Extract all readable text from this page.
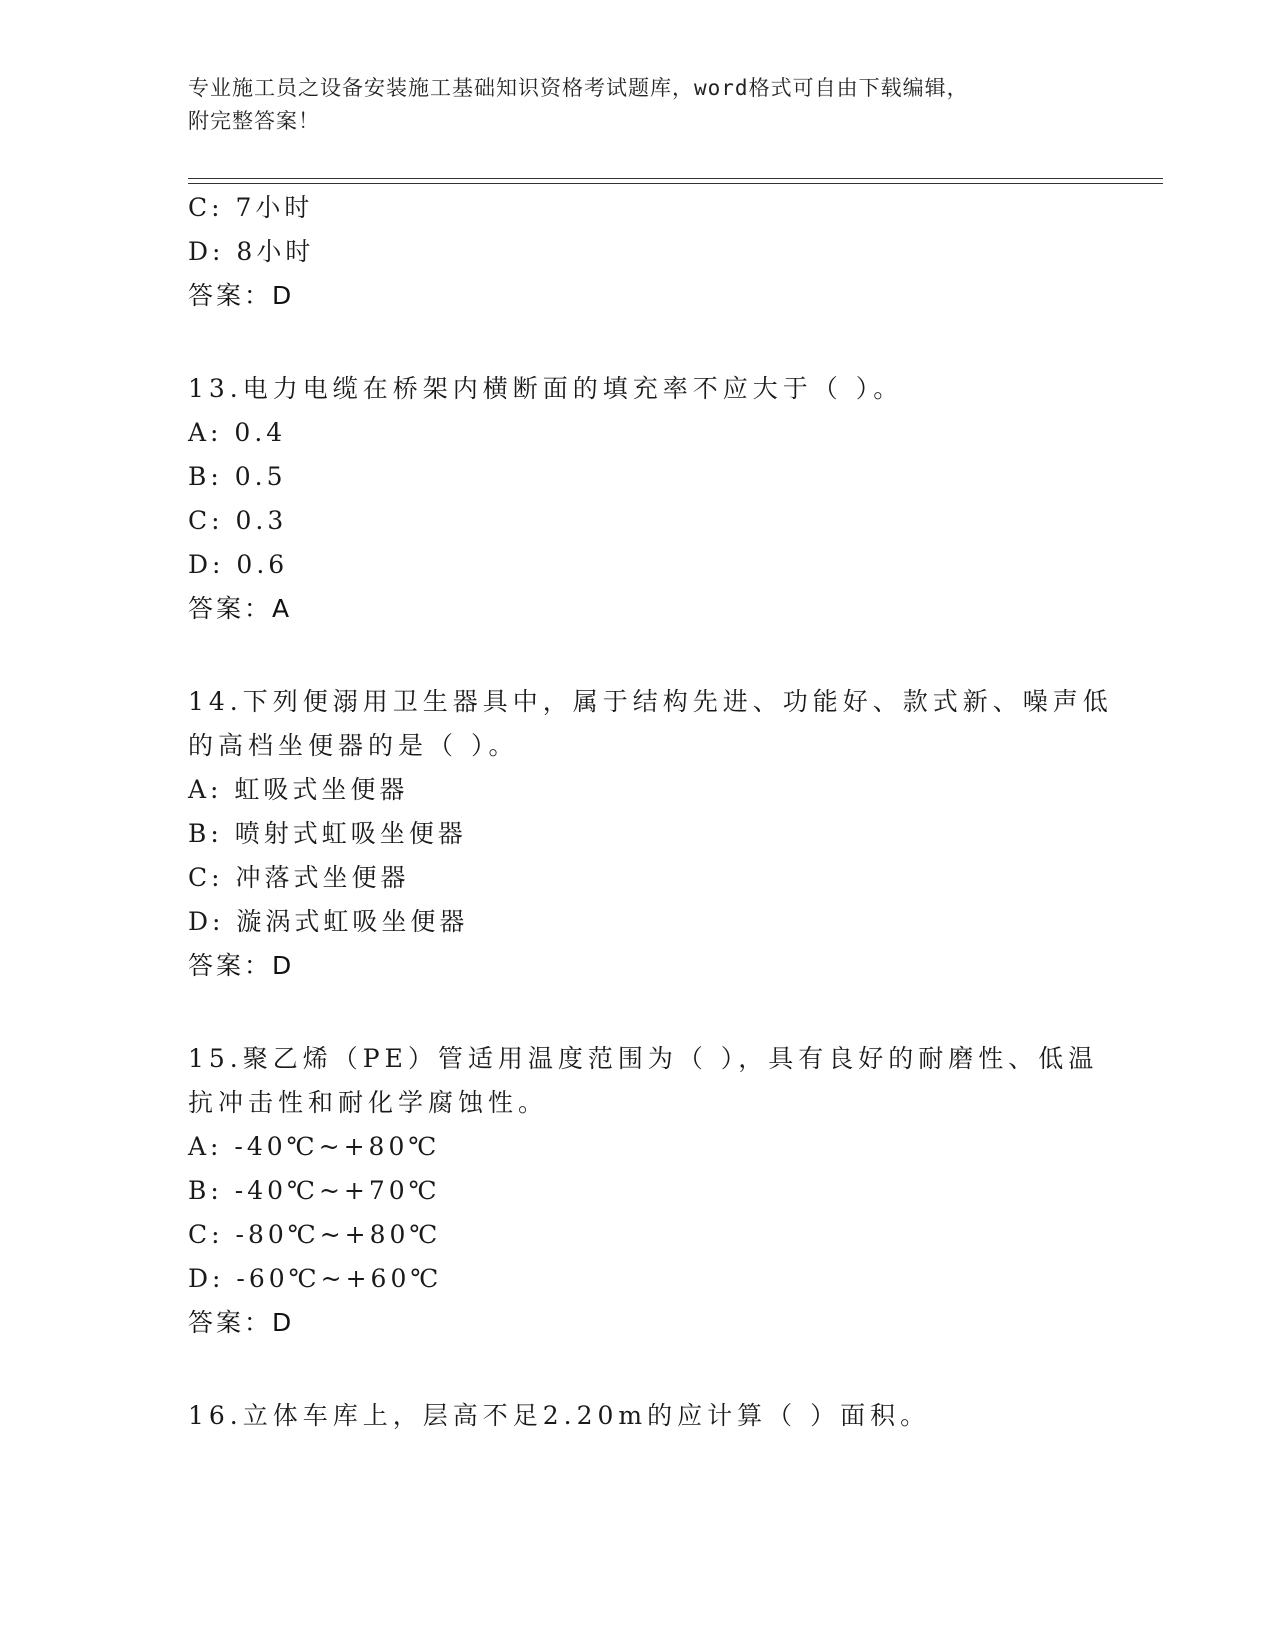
专业施工员之设备安装施工基础知识资格考试题库，word格式可自由下载编辑，
附完整答案！
C: 7小时
D: 8小时
答案：D
13.电力电缆在桥架内横断面的填充率不应大于（ ）。
A: 0.4
B: 0.5
C: 0.3
D: 0.6
答案：A
14.下列便溺用卫生器具中，属于结构先进、功能好、款式新、噪声低
的高档坐便器的是（ ）。
A: 虹吸式坐便器
B: 喷射式虹吸坐便器
C: 冲落式坐便器
D: 漩涡式虹吸坐便器
答案：D
15.聚乙烯（PE）管适用温度范围为（ ），具有良好的耐磨性、低温
抗冲击性和耐化学腐蚀性。
A: -40℃~+80℃
B: -40℃~+70℃
C: -80℃~+80℃
D: -60℃~+60℃
答案：D
16.立体车库上，层高不足2.20m的应计算（ ）面积。
